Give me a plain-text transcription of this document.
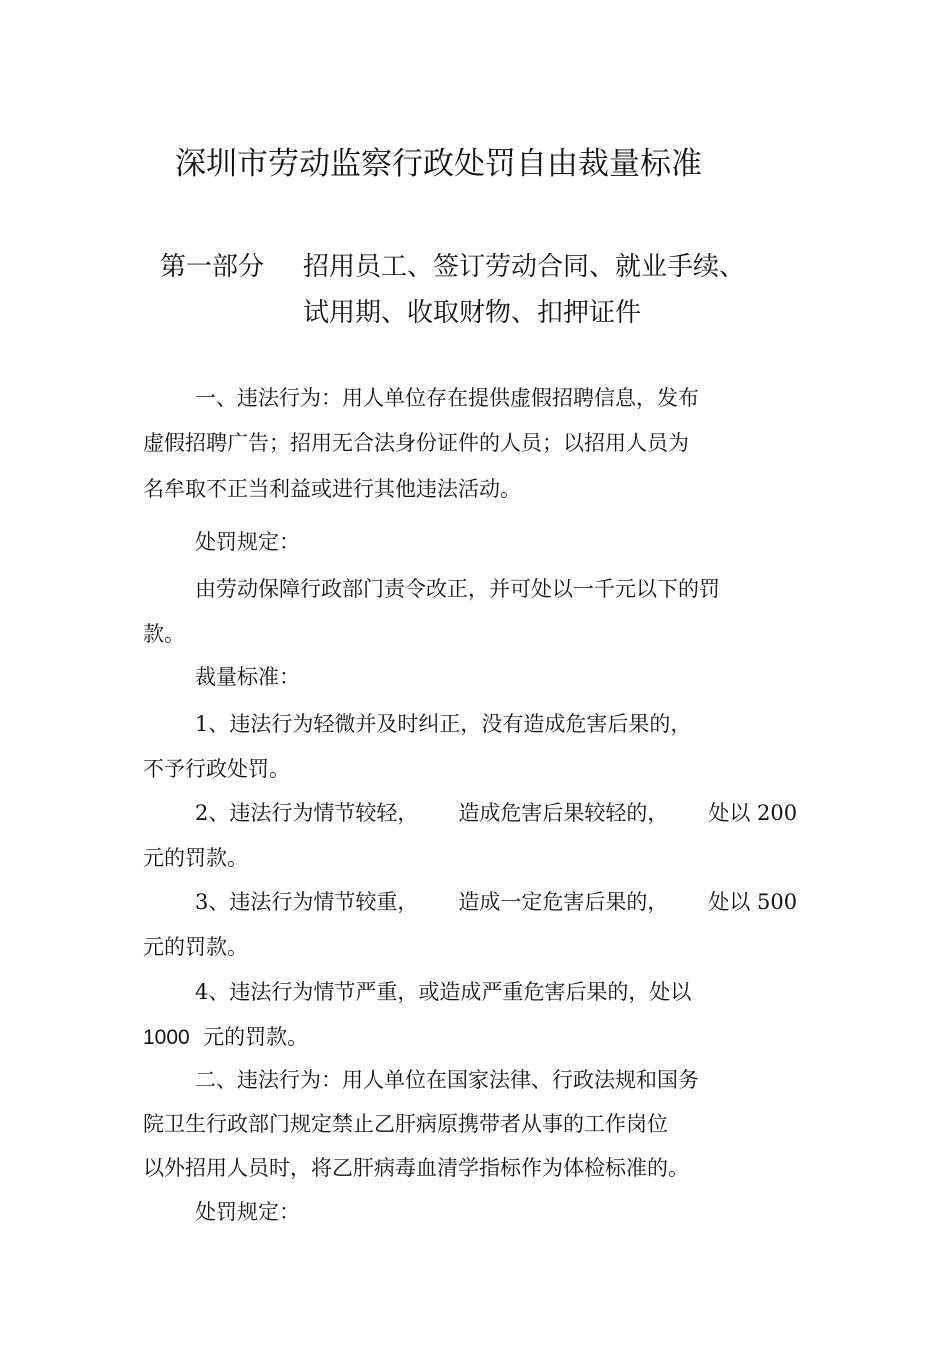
深圳市劳动监察行政处罚自由裁量标准
第一部分 招用员工、签订劳动合同、就业手续、
试用期、收取财物、扣押证件
一、违法行为：用人单位存在提供虚假招聘信息，发布
虚假招聘广告；招用无合法身份证件的人员；以招用人员为
名牟取不正当利益或进行其他违法活动。
处罚规定：
由劳动保障行政部门责令改正，并可处以一千元以下的罚
款。
裁量标准：
1、违法行为轻微并及时纠正，没有造成危害后果的，
不予行政处罚。
2、违法行为情节较轻， 造成危害后果较轻的， 处以 200
元的罚款。
3、违法行为情节较重， 造成一定危害后果的， 处以 500
元的罚款。
4、违法行为情节严重，或造成严重危害后果的，处以
1000 元的罚款。
二、违法行为：用人单位在国家法律、行政法规和国务
院卫生行政部门规定禁止乙肝病原携带者从事的工作岗位
以外招用人员时，将乙肝病毒血清学指标作为体检标准的。
处罚规定：
